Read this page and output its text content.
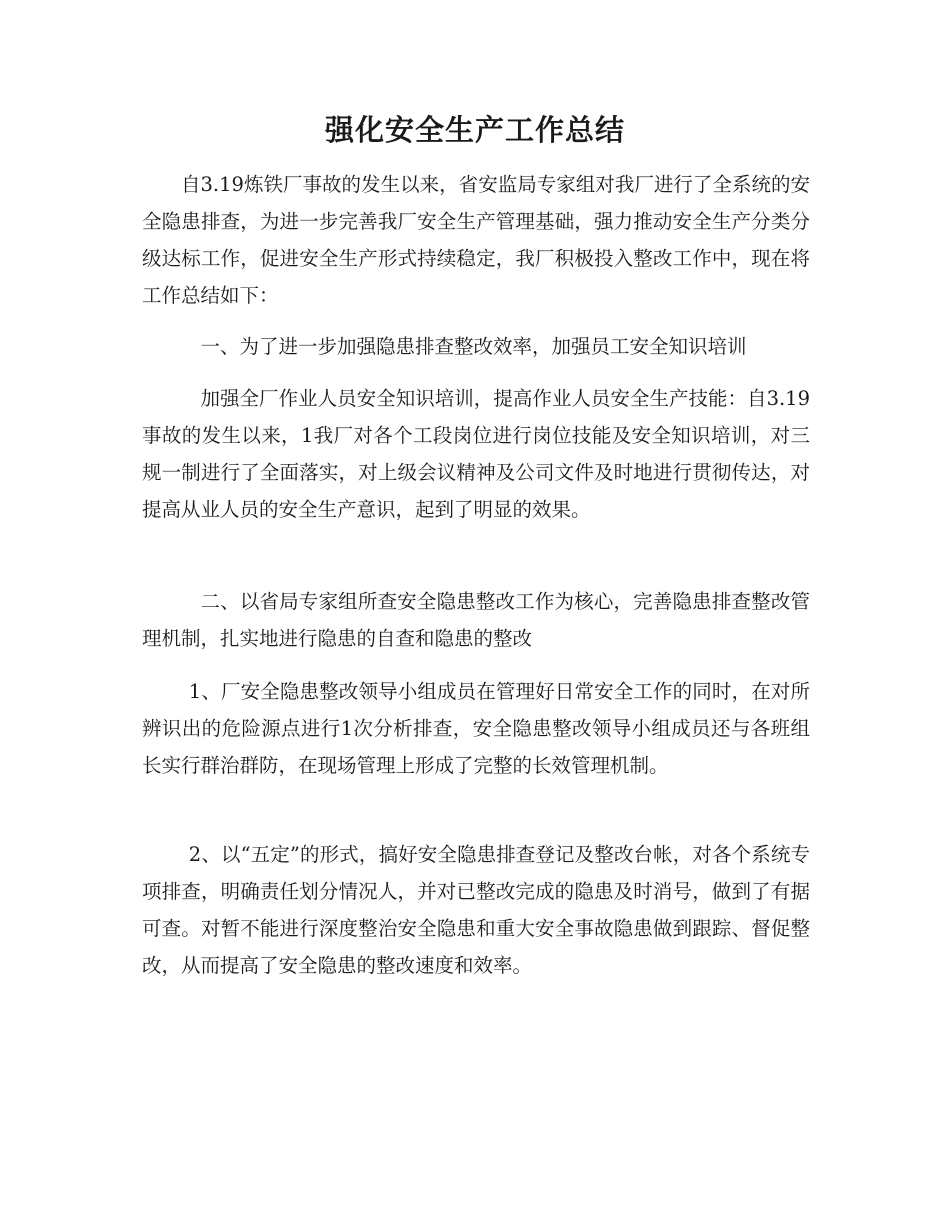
强化安全生产工作总结

自3.19炼铁厂事故的发生以来，省安监局专家组对我厂进行了全系统的安全隐患排查，为进一步完善我厂安全生产管理基础，强力推动安全生产分类分级达标工作，促进安全生产形式持续稳定，我厂积极投入整改工作中，现在将工作总结如下：

一、为了进一步加强隐患排查整改效率，加强员工安全知识培训

加强全厂作业人员安全知识培训，提高作业人员安全生产技能：自3.19事故的发生以来，1我厂对各个工段岗位进行岗位技能及安全知识培训，对三规一制进行了全面落实，对上级会议精神及公司文件及时地进行贯彻传达，对提高从业人员的安全生产意识，起到了明显的效果。

二、以省局专家组所查安全隐患整改工作为核心，完善隐患排查整改管理机制，扎实地进行隐患的自查和隐患的整改

1、厂安全隐患整改领导小组成员在管理好日常安全工作的同时，在对所辨识出的危险源点进行1次分析排查，安全隐患整改领导小组成员还与各班组长实行群治群防，在现场管理上形成了完整的长效管理机制。

2、以“五定”的形式，搞好安全隐患排查登记及整改台帐，对各个系统专项排查，明确责任划分情况人，并对已整改完成的隐患及时消号，做到了有据可查。对暂不能进行深度整治安全隐患和重大安全事故隐患做到跟踪、督促整改，从而提高了安全隐患的整改速度和效率。
